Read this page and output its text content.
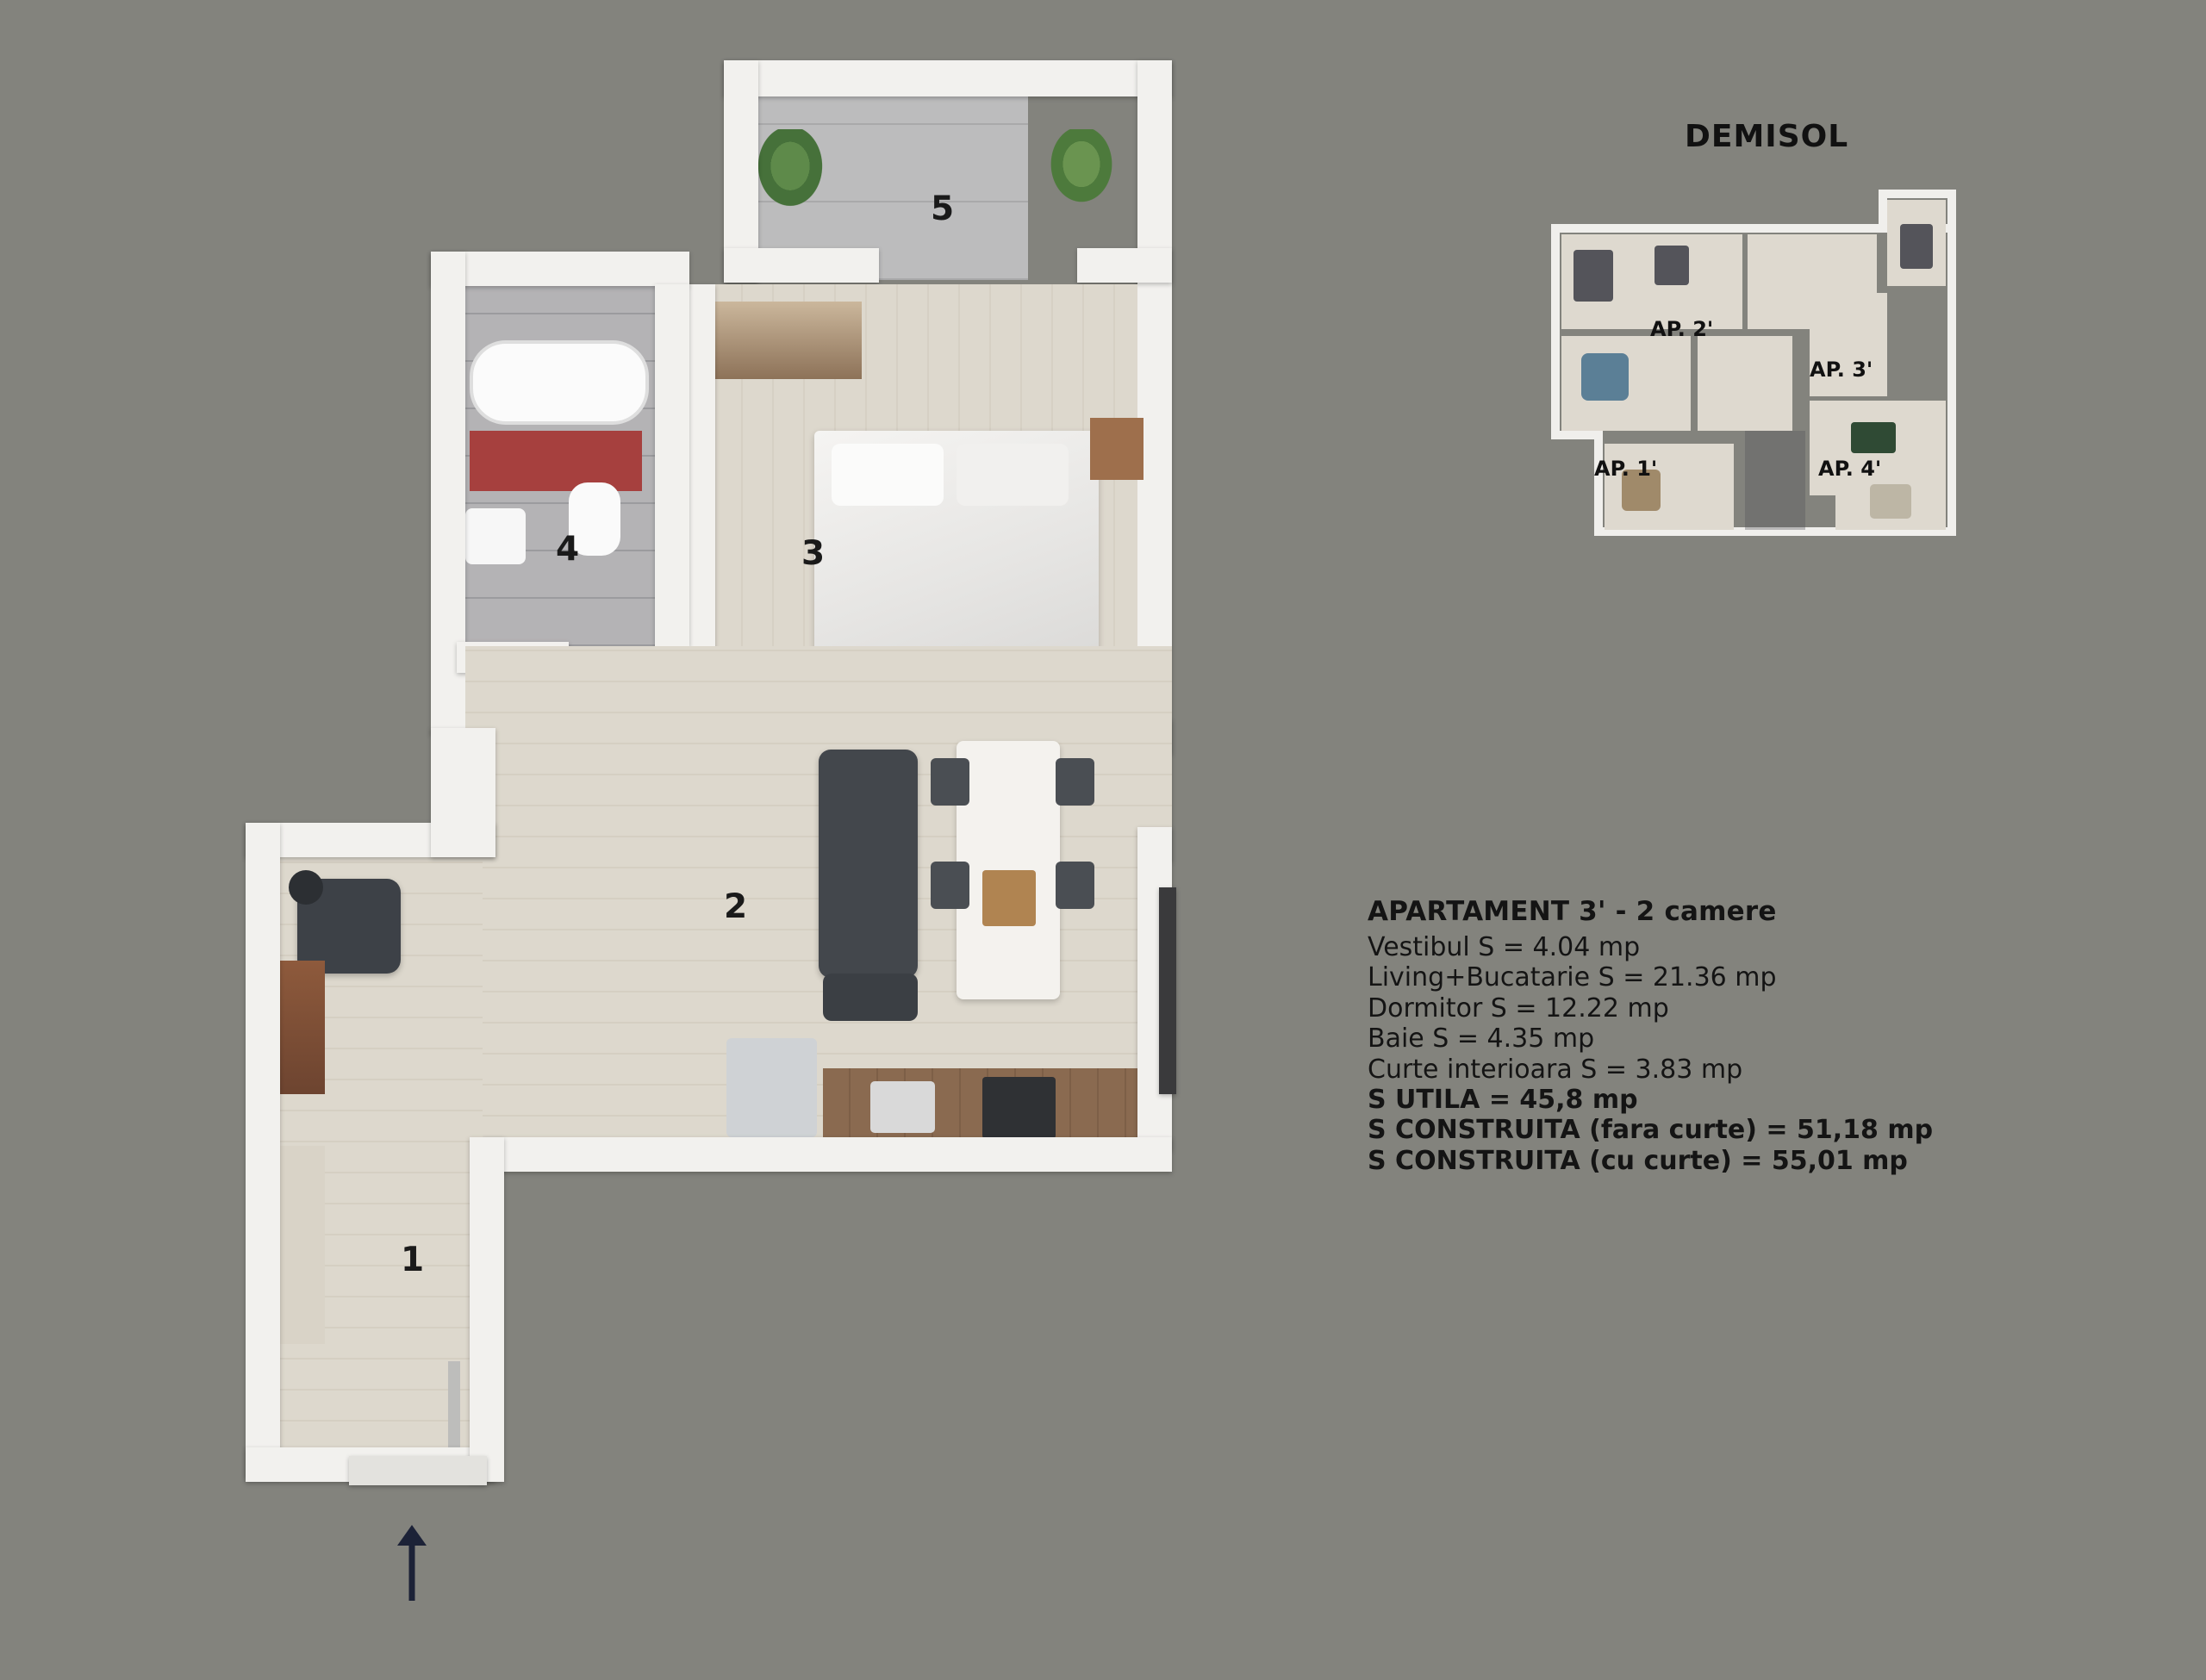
5
3
4
2
1
DEMISOL
AP. 2'
AP. 3'
AP. 1'	AP. 4'
APARTAMENT 3' - 2 camere
Vestibul S = 4.04 mp
Living+Bucatarie S = 21.36 mp
Dormitor S = 12.22 mp
Baie S = 4.35 mp
Curte interioara S = 3.83 mp
S UTILA = 45,8 mp
S CONSTRUITA (fara curte) = 51,18 mp
S CONSTRUITA (cu curte) = 55,01 mp
